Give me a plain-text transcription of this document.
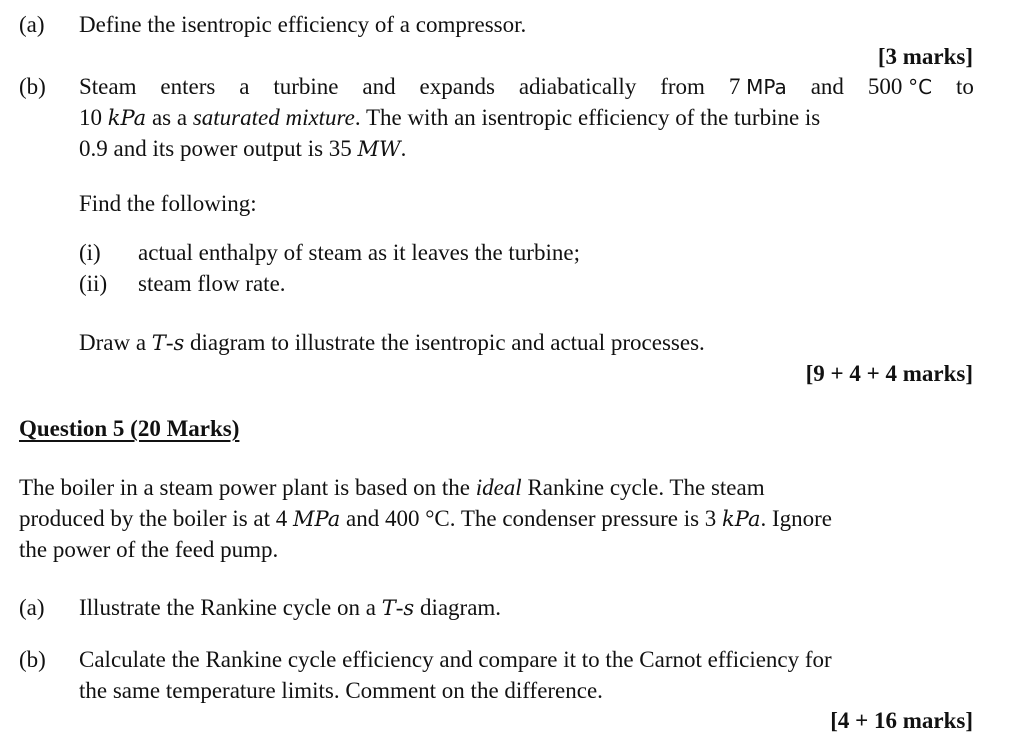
(a) Define the isentropic efficiency of a compressor.
[3 marks]
(b) Steam enters a turbine and expands adiabatically from 7 MPa and 500 °C to
10 kPa as a saturated mixture. The with an isentropic efficiency of the turbine is
0.9 and its power output is 35 MW.
Find the following:
(i) actual enthalpy of steam as it leaves the turbine;
(ii) steam flow rate.
Draw a T-s diagram to illustrate the isentropic and actual processes.
[9 + 4 + 4 marks]
Question 5 (20 Marks)
The boiler in a steam power plant is based on the ideal Rankine cycle. The steam
produced by the boiler is at 4 MPa and 400 °C. The condenser pressure is 3 kPa. Ignore
the power of the feed pump.
(a) Illustrate the Rankine cycle on a T-s diagram.
(b) Calculate the Rankine cycle efficiency and compare it to the Carnot efficiency for
the same temperature limits. Comment on the difference.
[4 + 16 marks]
